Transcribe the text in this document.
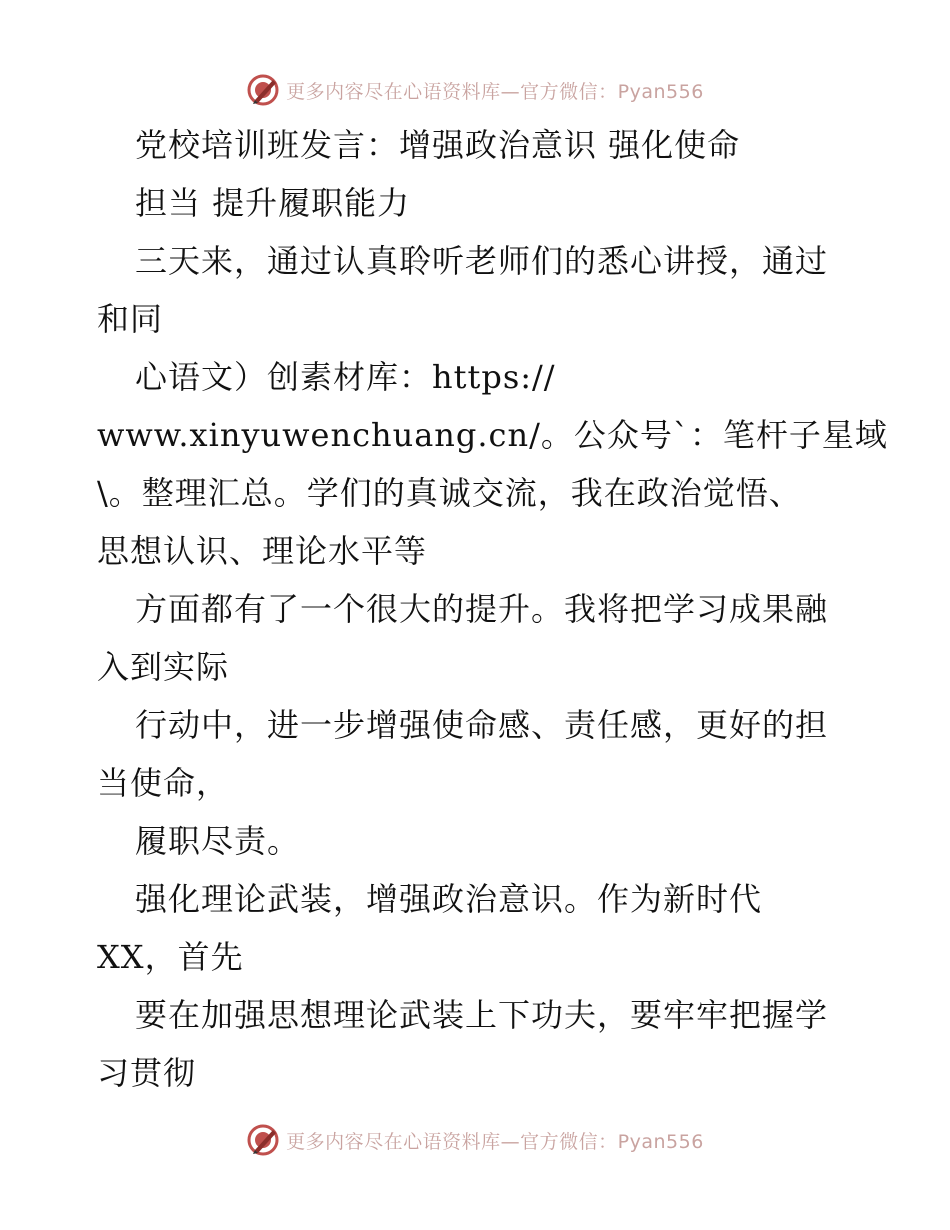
更多内容尽在心语资料库—官方微信：Pyan556
党校培训班发言：增强政治意识 强化使命
担当 提升履职能力
三天来，通过认真聆听老师们的悉心讲授，通过
和同
心语文）创素材库：https://
www.xinyuwenchuang.cn/。公众号`：笔杆子星域
\。整理汇总。学们的真诚交流，我在政治觉悟、
思想认识、理论水平等
方面都有了一个很大的提升。我将把学习成果融
入到实际
行动中，进一步增强使命感、责任感，更好的担
当使命，
履职尽责。
强化理论武装，增强政治意识。作为新时代
XX，首先
要在加强思想理论武装上下功夫，要牢牢把握学
习贯彻
更多内容尽在心语资料库—官方微信：Pyan556
